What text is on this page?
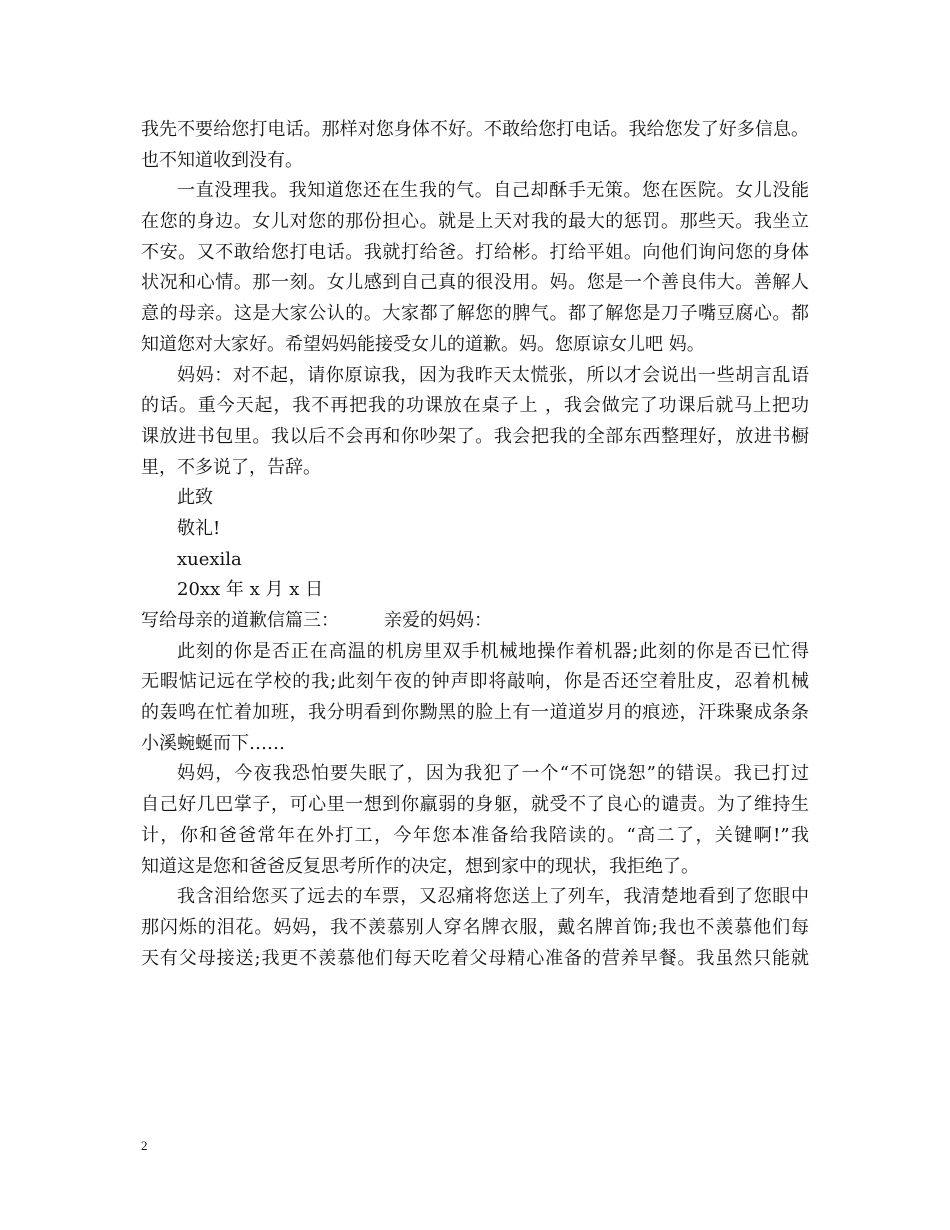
我先不要给您打电话。那样对您身体不好。不敢给您打电话。我给您发了好多信息。
也不知道收到没有。
一直没理我。我知道您还在生我的气。自己却酥手无策。您在医院。女儿没能
在您的身边。女儿对您的那份担心。就是上天对我的最大的惩罚。那些天。我坐立
不安。又不敢给您打电话。我就打给爸。打给彬。打给平姐。向他们询问您的身体
状况和心情。那一刻。女儿感到自己真的很没用。妈。您是一个善良伟大。善解人
意的母亲。这是大家公认的。大家都了解您的脾气。都了解您是刀子嘴豆腐心。都
知道您对大家好。希望妈妈能接受女儿的道歉。妈。您原谅女儿吧 妈。
妈妈：对不起，请你原谅我，因为我昨天太慌张，所以才会说出一些胡言乱语
的话。重今天起，我不再把我的功课放在桌子上 ，我会做完了功课后就马上把功
课放进书包里。我以后不会再和你吵架了。我会把我的全部东西整理好，放进书橱
里，不多说了，告辞。
此致
敬礼!
xuexila
20xx 年 x 月 x 日
写给母亲的道歉信篇三：　　　亲爱的妈妈：
此刻的你是否正在高温的机房里双手机械地操作着机器;此刻的你是否已忙得
无暇惦记远在学校的我;此刻午夜的钟声即将敲响，你是否还空着肚皮，忍着机械
的轰鸣在忙着加班，我分明看到你黝黑的脸上有一道道岁月的痕迹，汗珠聚成条条
小溪蜿蜒而下……
妈妈，今夜我恐怕要失眠了，因为我犯了一个“不可饶恕”的错误。我已打过
自己好几巴掌子，可心里一想到你羸弱的身躯，就受不了良心的谴责。为了维持生
计，你和爸爸常年在外打工，今年您本准备给我陪读的。“高二了，关键啊!”我
知道这是您和爸爸反复思考所作的决定，想到家中的现状，我拒绝了。
我含泪给您买了远去的车票，又忍痛将您送上了列车，我清楚地看到了您眼中
那闪烁的泪花。妈妈，我不羡慕别人穿名牌衣服，戴名牌首饰;我也不羡慕他们每
天有父母接送;我更不羡慕他们每天吃着父母精心准备的营养早餐。我虽然只能就
2
